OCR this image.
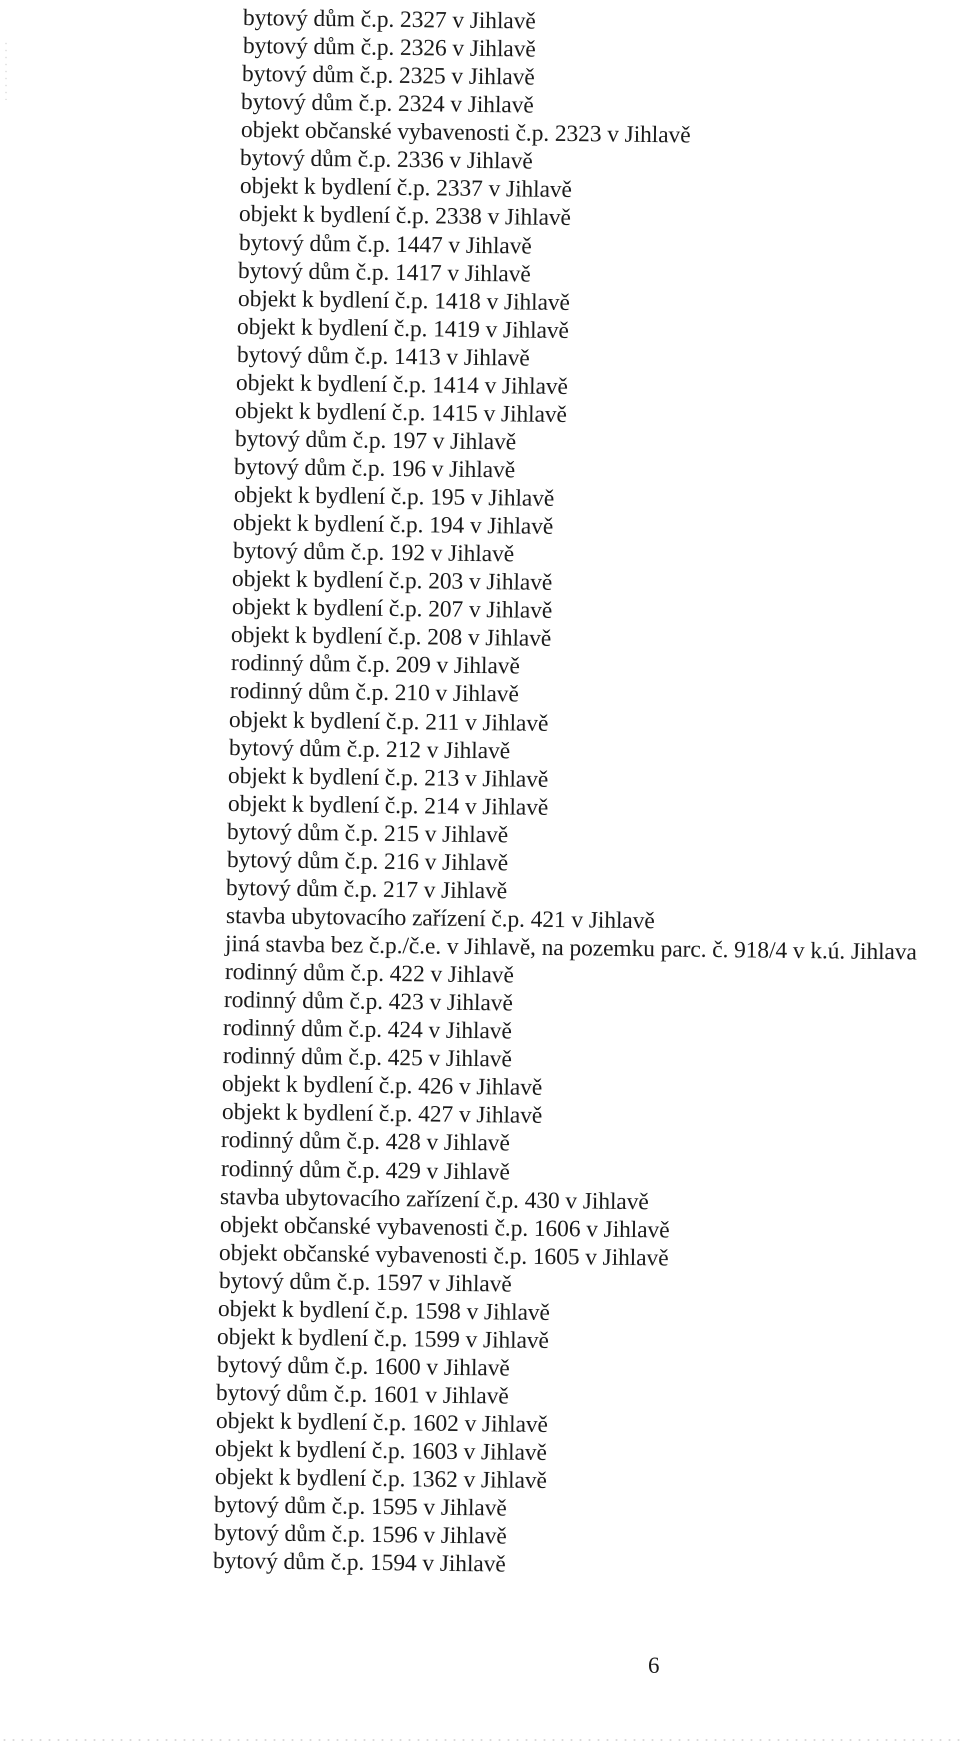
bytový dům č.p. 2327 v Jihlavě
bytový dům č.p. 2326 v Jihlavě
bytový dům č.p. 2325 v Jihlavě
bytový dům č.p. 2324 v Jihlavě
objekt občanské vybavenosti č.p. 2323 v Jihlavě
bytový dům č.p. 2336 v Jihlavě
objekt k bydlení č.p. 2337 v Jihlavě
objekt k bydlení č.p. 2338 v Jihlavě
bytový dům č.p. 1447 v Jihlavě
bytový dům č.p. 1417 v Jihlavě
objekt k bydlení č.p. 1418 v Jihlavě
objekt k bydlení č.p. 1419 v Jihlavě
bytový dům č.p. 1413 v Jihlavě
objekt k bydlení č.p. 1414 v Jihlavě
objekt k bydlení č.p. 1415 v Jihlavě
bytový dům č.p. 197 v Jihlavě
bytový dům č.p. 196 v Jihlavě
objekt k bydlení č.p. 195 v Jihlavě
objekt k bydlení č.p. 194 v Jihlavě
bytový dům č.p. 192 v Jihlavě
objekt k bydlení č.p. 203 v Jihlavě
objekt k bydlení č.p. 207 v Jihlavě
objekt k bydlení č.p. 208 v Jihlavě
rodinný dům č.p. 209 v Jihlavě
rodinný dům č.p. 210 v Jihlavě
objekt k bydlení č.p. 211 v Jihlavě
bytový dům č.p. 212 v Jihlavě
objekt k bydlení č.p. 213 v Jihlavě
objekt k bydlení č.p. 214 v Jihlavě
bytový dům č.p. 215 v Jihlavě
bytový dům č.p. 216 v Jihlavě
bytový dům č.p. 217 v Jihlavě
stavba ubytovacího zařízení č.p. 421 v Jihlavě
jiná stavba bez č.p./č.e. v Jihlavě, na pozemku parc. č. 918/4 v k.ú. Jihlava
rodinný dům č.p. 422 v Jihlavě
rodinný dům č.p. 423 v Jihlavě
rodinný dům č.p. 424 v Jihlavě
rodinný dům č.p. 425 v Jihlavě
objekt k bydlení č.p. 426 v Jihlavě
objekt k bydlení č.p. 427 v Jihlavě
rodinný dům č.p. 428 v Jihlavě
rodinný dům č.p. 429 v Jihlavě
stavba ubytovacího zařízení č.p. 430 v Jihlavě
objekt občanské vybavenosti č.p. 1606 v Jihlavě
objekt občanské vybavenosti č.p. 1605 v Jihlavě
bytový dům č.p. 1597 v Jihlavě
objekt k bydlení č.p. 1598 v Jihlavě
objekt k bydlení č.p. 1599 v Jihlavě
bytový dům č.p. 1600 v Jihlavě
bytový dům č.p. 1601 v Jihlavě
objekt k bydlení č.p. 1602 v Jihlavě
objekt k bydlení č.p. 1603 v Jihlavě
objekt k bydlení č.p. 1362 v Jihlavě
bytový dům č.p. 1595 v Jihlavě
bytový dům č.p. 1596 v Jihlavě
bytový dům č.p. 1594 v Jihlavě
6
